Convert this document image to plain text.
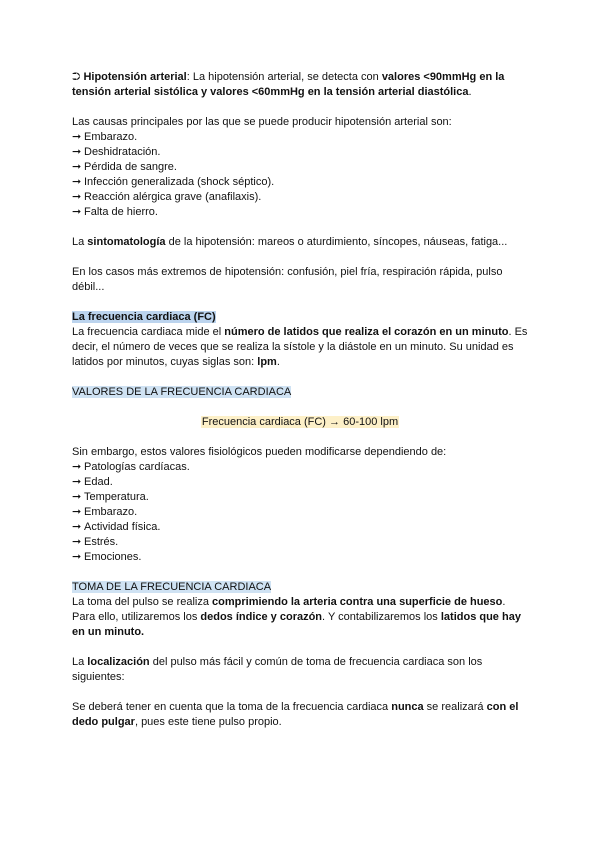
⮊ Hipotensión arterial: La hipotensión arterial, se detecta con valores <90mmHg en la tensión arterial sistólica y valores <60mmHg en la tensión arterial diastólica.

Las causas principales por las que se puede producir hipotensión arterial son:

➞ Embarazo.
➞ Deshidratación.
➞ Pérdida de sangre.
➞ Infección generalizada (shock séptico).
➞ Reacción alérgica grave (anafilaxis).
➞ Falta de hierro.

La sintomatología de la hipotensión: mareos o aturdimiento, síncopes, náuseas, fatiga...

En los casos más extremos de hipotensión: confusión, piel fría, respiración rápida, pulso débil...

La frecuencia cardiaca (FC)

La frecuencia cardiaca mide el número de latidos que realiza el corazón en un minuto. Es decir, el número de veces que se realiza la sístole y la diástole en un minuto. Su unidad es latidos por minutos, cuyas siglas son: lpm.

VALORES DE LA FRECUENCIA CARDIACA

Frecuencia cardiaca (FC) → 60-100 lpm

Sin embargo, estos valores fisiológicos pueden modificarse dependiendo de:

➞ Patologías cardíacas.
➞ Edad.
➞ Temperatura.
➞ Embarazo.
➞ Actividad física.
➞ Estrés.
➞ Emociones.

TOMA DE LA FRECUENCIA CARDIACA

La toma del pulso se realiza comprimiendo la arteria contra una superficie de hueso. Para ello, utilizaremos los dedos índice y corazón. Y contabilizaremos los latidos que hay en un minuto.

La localización del pulso más fácil y común de toma de frecuencia cardiaca son los siguientes:

Se deberá tener en cuenta que la toma de la frecuencia cardiaca nunca se realizará con el dedo pulgar, pues este tiene pulso propio.
